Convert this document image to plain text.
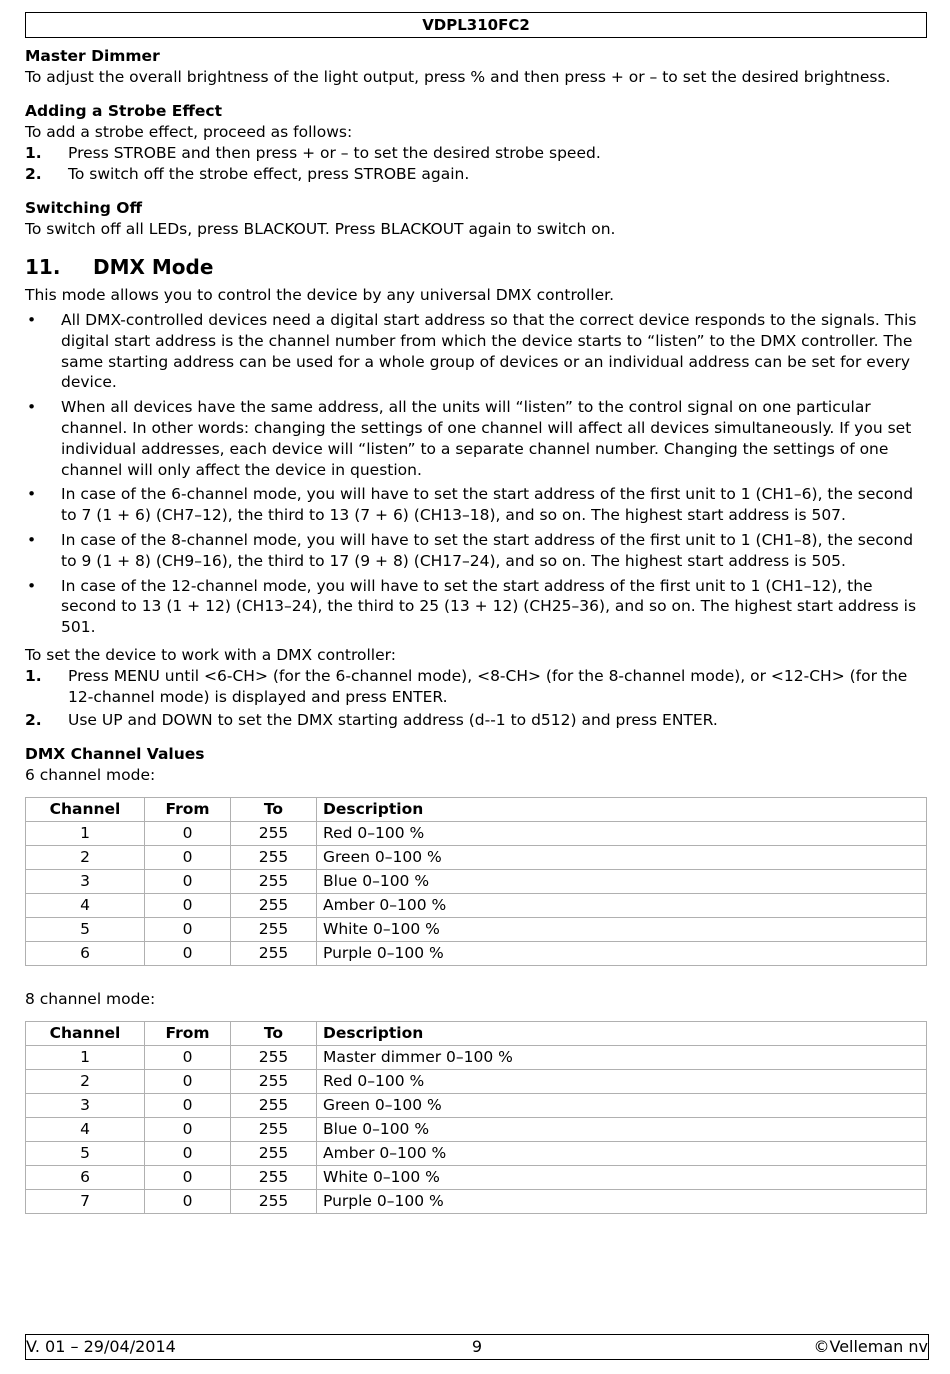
VDPL310FC2

Master Dimmer

To adjust the overall brightness of the light output, press % and then press + or – to set the desired brightness.

Adding a Strobe Effect

To add a strobe effect, proceed as follows:

1.	Press STROBE and then press + or – to set the desired strobe speed.
2.	To switch off the strobe effect, press STROBE again.

Switching Off

To switch off all LEDs, press BLACKOUT. Press BLACKOUT again to switch on.

11.	DMX Mode

This mode allows you to control the device by any universal DMX controller.

•	All DMX-controlled devices need a digital start address so that the correct device responds to the signals. This digital start address is the channel number from which the device starts to “listen” to the DMX controller. The same starting address can be used for a whole group of devices or an individual address can be set for every device.
•	When all devices have the same address, all the units will “listen” to the control signal on one particular channel. In other words: changing the settings of one channel will affect all devices simultaneously. If you set individual addresses, each device will “listen” to a separate channel number. Changing the settings of one channel will only affect the device in question.
•	In case of the 6-channel mode, you will have to set the start address of the first unit to 1 (CH1–6), the second to 7 (1 + 6) (CH7–12), the third to 13 (7 + 6) (CH13–18), and so on. The highest start address is 507.
•	In case of the 8-channel mode, you will have to set the start address of the first unit to 1 (CH1–8), the second to 9 (1 + 8) (CH9–16), the third to 17 (9 + 8) (CH17–24), and so on. The highest start address is 505.
•	In case of the 12-channel mode, you will have to set the start address of the first unit to 1 (CH1–12), the second to 13 (1 + 12) (CH13–24), the third to 25 (13 + 12) (CH25–36), and so on. The highest start address is 501.

To set the device to work with a DMX controller:

1.	Press MENU until <6-CH> (for the 6-channel mode), <8-CH> (for the 8-channel mode), or <12-CH> (for the 12-channel mode) is displayed and press ENTER.
2.	Use UP and DOWN to set the DMX starting address (d--1 to d512) and press ENTER.

DMX Channel Values

6 channel mode:

Channel	From	To	Description
1	0	255	Red 0–100 %
2	0	255	Green 0–100 %
3	0	255	Blue 0–100 %
4	0	255	Amber 0–100 %
5	0	255	White 0–100 %
6	0	255	Purple 0–100 %

8 channel mode:

Channel	From	To	Description
1	0	255	Master dimmer 0–100 %
2	0	255	Red 0–100 %
3	0	255	Green 0–100 %
4	0	255	Blue 0–100 %
5	0	255	Amber 0–100 %
6	0	255	White 0–100 %
7	0	255	Purple 0–100 %
V. 01 – 29/04/2014	9	©Velleman nv
